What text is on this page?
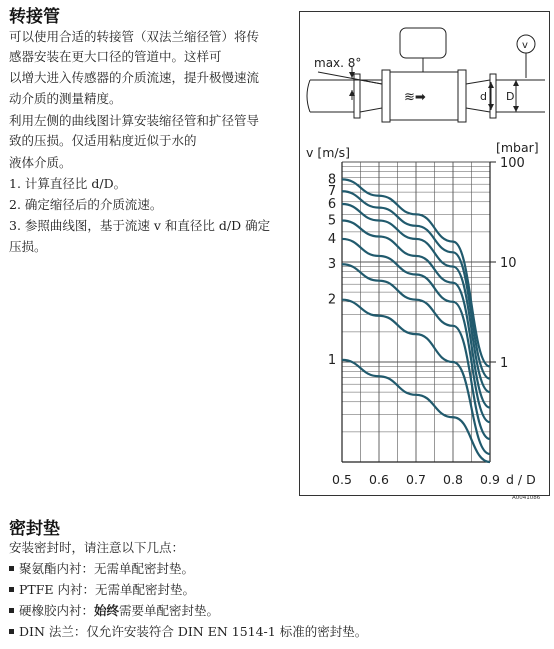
转接管
可以使用合适的转接管（双法兰缩径管）将传
感器安装在更大口径的管道中。这样可
以增大进入传感器的介质流速，提升极慢速流
动介质的测量精度。
利用左侧的曲线图计算安装缩径管和扩径管导
致的压损。仅适用粘度近似于水的
液体介质。
1. 计算直径比 d/D。
2. 确定缩径后的介质流速。
3. 参照曲线图，基于流速 v 和直径比 d/D 确定
压损。
max. 8°
v
d D
≋➡
1
10
100
0.5 0.6 0.7 0.8 0.9 d / D
v [m/s]	[mbar]
1
2
3
4
5
6
7
8
A0041086
密封垫
安装密封时，请注意以下几点：
聚氨酯内衬：无需单配密封垫。
PTFE 内衬：无需单配密封垫。
硬橡胶内衬：始终需要单配密封垫。
DIN 法兰：仅允许安装符合 DIN EN 1514-1 标准的密封垫。
